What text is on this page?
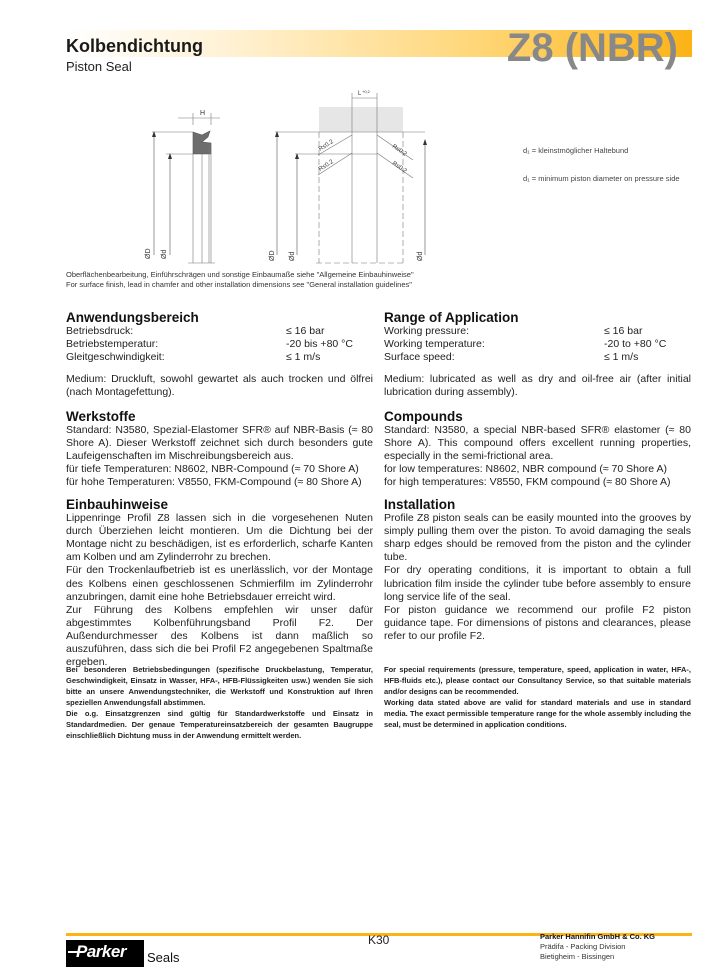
Kolbendichtung
Piston Seal	Z8 (NBR)
H
ØD Ød
L +0,2
ØD Ød	Ød
R≤0.2
R≤0.2
R≤0.2
R≤0.2
d₁ = kleinstmöglicher Haltebund
d₁ = minimum piston diameter on pressure side
Oberflächenbearbeitung, Einführschrägen und sonstige Einbaumaße siehe "Allgemeine Einbauhinweise"
For surface finish, lead in chamfer and other installation dimensions see "General installation guidelines"
Anwendungsbereich
Betriebsdruck:	≤ 16 bar
Betriebstemperatur:	-20 bis +80 °C
Gleitgeschwindigkeit:	≤ 1 m/s

Medium: Druckluft, sowohl gewartet als auch trocken und ölfrei (nach Montagefettung).

Werkstoffe

Standard: N3580, Spezial-Elastomer SFR® auf NBR-Basis (≈ 80 Shore A). Dieser Werkstoff zeichnet sich durch besonders gute Laufeigenschaften im Mischreibungsbereich aus.

für tiefe Temperaturen: N8602, NBR-Compound (≈ 70 Shore A)

für hohe Temperaturen: V8550, FKM-Compound (≈ 80 Shore A)

Einbauhinweise

Lippenringe Profil Z8 lassen sich in die vorgesehenen Nuten durch Überziehen leicht montieren. Um die Dichtung bei der Montage nicht zu beschädigen, ist es erforderlich, scharfe Kanten am Kolben und am Zylinderrohr zu brechen.

Für den Trockenlaufbetrieb ist es unerlässlich, vor der Montage des Kolbens einen geschlossenen Schmierfilm im Zylinderrohr anzubringen, damit eine hohe Betriebsdauer erreicht wird.

Zur Führung des Kolbens empfehlen wir unser dafür abgestimmtes Kolbenführungsband Profil F2. Der Außendurchmesser des Kolbens ist dann maßlich so auszuführen, dass sich die bei Profil F2 angegebenen Spaltmaße ergeben.

Bei besonderen Betriebsbedingungen (spezifische Druckbelastung, Temperatur, Geschwindigkeit, Einsatz in Wasser, HFA-, HFB-Flüssigkeiten usw.) wenden Sie sich bitte an unsere Anwendungstechniker, die Werkstoff und Konstruktion auf Ihren speziellen Anwendungsfall abstimmen.
Die o.g. Einsatzgrenzen sind gültig für Standardwerkstoffe und Einsatz in Standardmedien. Der genaue Temperatureinsatzbereich der gesamten Baugruppe einschließlich Dichtung muss in der Anwendung ermittelt werden.
Range of Application
Working pressure:	≤ 16 bar
Working temperature:	-20 to +80 °C
Surface speed:	≤ 1 m/s

Medium: lubricated as well as dry and oil-free air (after initial lubrication during assembly).

Compounds

Standard: N3580, a special NBR-based SFR® elastomer (≈ 80 Shore A). This compound offers excellent running properties, especially in the semi-frictional area.

for low temperatures: N8602, NBR compound (≈ 70 Shore A)

for high temperatures: V8550, FKM compound (≈ 80 Shore A)

Installation

Profile Z8 piston seals can be easily mounted into the grooves by simply pulling them over the piston. To avoid damaging the seals sharp edges should be removed from the piston and the cylinder tube.

For dry operating conditions, it is important to obtain a full lubrication film inside the cylinder tube before assembly to ensure long service life of the seal.

For piston guidance we recommend our profile F2 piston guidance tape. For dimensions of pistons and clearances, please refer to our profile F2.

For special requirements (pressure, temperature, speed, application in water, HFA-, HFB-fluids etc.), please contact our Consultancy Service, so that suitable materials and/or designs can be recommended.
Working data stated above are valid for standard materials and use in standard media. The exact permissible temperature range for the whole assembly including the seal, must be determined in application conditions.
Parker Seals
K30	Parker Hannifin GmbH & Co. KG
Prädifa - Packing Division
Bietigheim - Bissingen
